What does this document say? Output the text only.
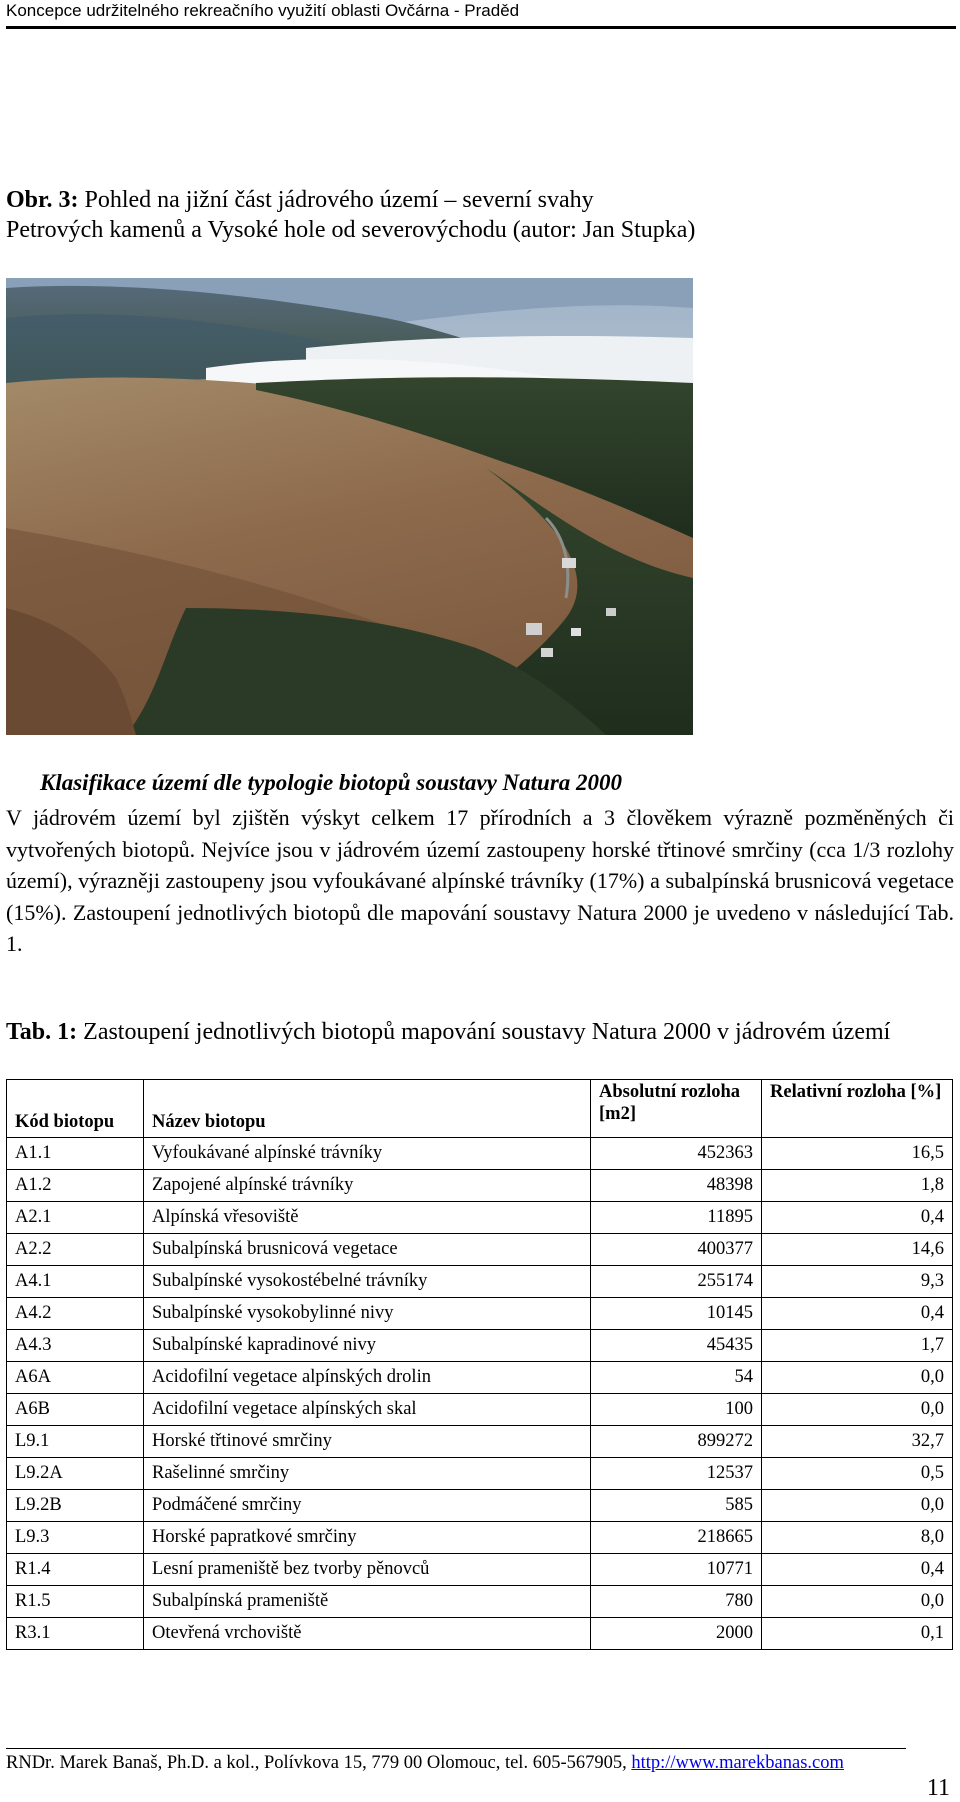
Koncepce udržitelného rekreačního využití oblasti Ovčárna - Praděd
Obr. 3: Pohled na jižní část jádrového území – severní svahy Petrových kamenů a Vysoké hole od severovýchodu (autor: Jan Stupka)
Klasifikace území dle typologie biotopů soustavy Natura 2000
V jádrovém území byl zjištěn výskyt celkem 17 přírodních a 3 člověkem výrazně pozměněných či vytvořených biotopů. Nejvíce jsou v jádrovém území zastoupeny horské třtinové smrčiny (cca 1/3 rozlohy území), výrazněji zastoupeny jsou vyfoukávané alpínské trávníky (17%) a subalpínská brusnicová vegetace (15%). Zastoupení jednotlivých biotopů dle mapování soustavy Natura 2000 je uvedeno v následující Tab. 1.
Tab. 1: Zastoupení jednotlivých biotopů mapování soustavy Natura 2000 v jádrovém území
Kód biotopu	Název biotopu	Absolutní rozloha [m2]	Relativní rozloha [%]
A1.1	Vyfoukávané alpínské trávníky	452363	16,5
A1.2	Zapojené alpínské trávníky	48398	1,8
A2.1	Alpínská vřesoviště	11895	0,4
A2.2	Subalpínská brusnicová vegetace	400377	14,6
A4.1	Subalpínské vysokostébelné trávníky	255174	9,3
A4.2	Subalpínské vysokobylinné nivy	10145	0,4
A4.3	Subalpínské kapradinové nivy	45435	1,7
A6A	Acidofilní vegetace alpínských drolin	54	0,0
A6B	Acidofilní vegetace alpínských skal	100	0,0
L9.1	Horské třtinové smrčiny	899272	32,7
L9.2A	Rašelinné smrčiny	12537	0,5
L9.2B	Podmáčené smrčiny	585	0,0
L9.3	Horské papratkové smrčiny	218665	8,0
R1.4	Lesní prameniště bez tvorby pěnovců	10771	0,4
R1.5	Subalpínská prameniště	780	0,0
R3.1	Otevřená vrchoviště	2000	0,1
RNDr. Marek Banaš, Ph.D. a kol., Polívkova 15, 779 00 Olomouc, tel. 605-567905, http://www.marekbanas.com
11
